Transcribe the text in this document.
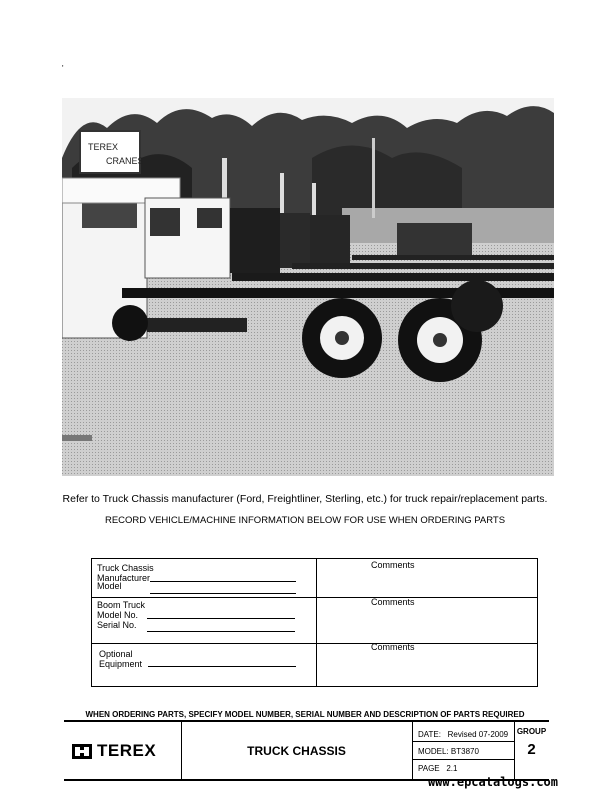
'
TEREX
CRANES
Refer to Truck Chassis manufacturer (Ford, Freightliner, Sterling, etc.) for truck repair/replacement parts.
RECORD VEHICLE/MACHINE INFORMATION BELOW FOR USE WHEN ORDERING PARTS
Truck Chassis
Manufacturer
Model
Comments
Boom Truck
Model No.
Serial No.
Comments
Optional
Equipment
Comments
WHEN ORDERING PARTS, SPECIFY MODEL NUMBER, SERIAL NUMBER AND DESCRIPTION OF PARTS REQUIRED
TEREX	TRUCK CHASSIS
DATE: Revised 07-2009
MODEL: BT3870
PAGE 2.1
GROUP
2
www.epcatalogs.com
